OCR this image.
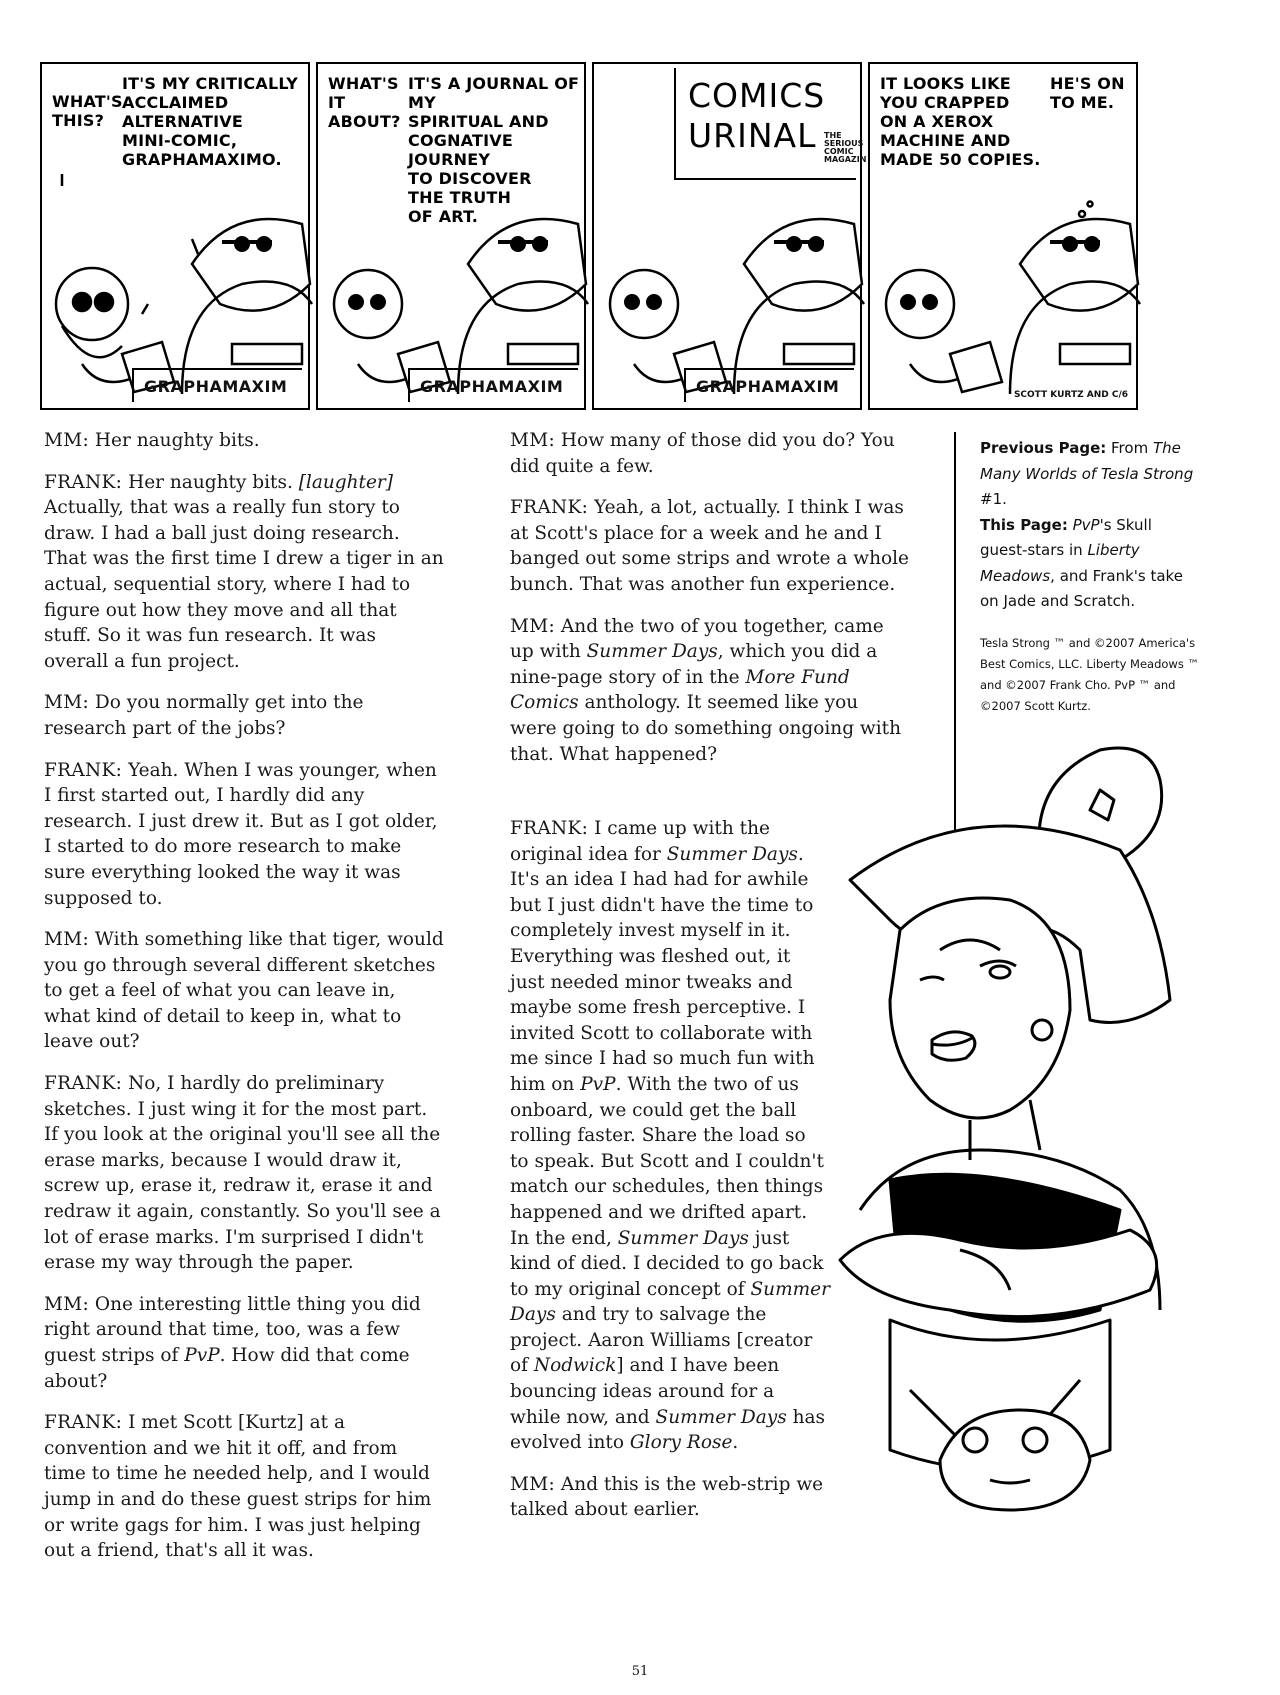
WHAT'S
THIS?
IT'S MY CRITICALLY
ACCLAIMED ALTERNATIVE
MINI-COMIC,
GRAPHAMAXIMO.
GRAPHAMAXIM
WHAT'S
IT
ABOUT?
IT'S A JOURNAL OF MY
SPIRITUAL AND
COGNATIVE JOURNEY
TO DISCOVER
THE TRUTH
OF ART.
GRAPHAMAXIM
COMICS
URINAL THE
SERIOUS
COMIC
MAGAZIN
GRAPHAMAXIM
IT LOOKS LIKE
YOU CRAPPED
ON A XEROX
MACHINE AND
MADE 50 COPIES.
HE'S ON
TO ME.
SCOTT KURTZ AND C/6

MM: Her naughty bits.

FRANK: Her naughty bits. [laughter] Actually, that was a really fun story to draw. I had a ball just doing research. That was the first time I drew a tiger in an actual, sequential story, where I had to figure out how they move and all that stuff. So it was fun research. It was overall a fun project.

MM: Do you normally get into the research part of the jobs?

FRANK: Yeah. When I was younger, when I first started out, I hardly did any research. I just drew it. But as I got older, I started to do more research to make sure everything looked the way it was supposed to.

MM: With something like that tiger, would you go through several different sketches to get a feel of what you can leave in, what kind of detail to keep in, what to leave out?

FRANK: No, I hardly do preliminary sketches. I just wing it for the most part. If you look at the original you'll see all the erase marks, because I would draw it, screw up, erase it, redraw it, erase it and redraw it again, constantly. So you'll see a lot of erase marks. I'm surprised I didn't erase my way through the paper.

MM: One interesting little thing you did right around that time, too, was a few guest strips of PvP. How did that come about?

FRANK: I met Scott [Kurtz] at a convention and we hit it off, and from time to time he needed help, and I would jump in and do these guest strips for him or write gags for him. I was just helping out a friend, that's all it was.

MM: How many of those did you do? You did quite a few.

FRANK: Yeah, a lot, actually. I think I was at Scott's place for a week and he and I banged out some strips and wrote a whole bunch. That was another fun experience.

MM: And the two of you together, came up with Summer Days, which you did a nine-page story of in the More Fund Comics anthology. It seemed like you were going to do something ongoing with that. What happened?

FRANK: I came up with the original idea for Summer Days. It's an idea I had had for awhile but I just didn't have the time to completely invest myself in it. Everything was fleshed out, it just needed minor tweaks and maybe some fresh perceptive. I invited Scott to collaborate with me since I had so much fun with him on PvP. With the two of us onboard, we could get the ball rolling faster. Share the load so to speak. But Scott and I couldn't match our schedules, then things happened and we drifted apart. In the end, Summer Days just kind of died. I decided to go back to my original concept of Summer Days and try to salvage the project. Aaron Williams [creator of Nodwick] and I have been bouncing ideas around for a while now, and Summer Days has evolved into Glory Rose.

MM: And this is the web-strip we talked about earlier.

Previous Page: From The Many Worlds of Tesla Strong #1.
This Page: PvP's Skull guest-stars in Liberty Meadows, and Frank's take on Jade and Scratch.
Tesla Strong ™ and ©2007 America's Best Comics, LLC. Liberty Meadows ™ and ©2007 Frank Cho. PvP ™ and ©2007 Scott Kurtz.
51
